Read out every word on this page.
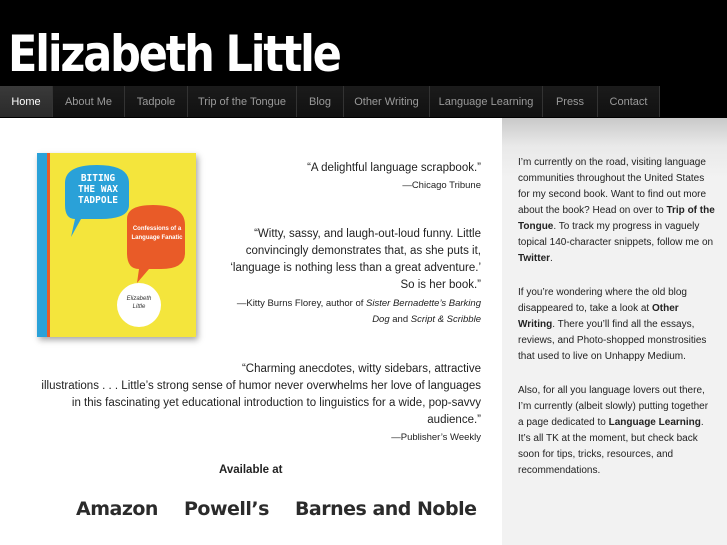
Elizabeth Little
Home	About Me	Tadpole	Trip of the Tongue	Blog	Other Writing	Language Learning	Press	Contact
BITING
THE WAX
TADPOLE
Confessions of a
Language Fanatic
Elizabeth
Little
“A delightful language scrapbook.”
—Chicago Tribune
“Witty, sassy, and laugh-out-loud funny. Little
convincingly demonstrates that, as she puts it,
‘language is nothing less than a great adventure.’
So is her book.”
—Kitty Burns Florey, author of Sister Bernadette’s Barking
Dog and Script & Scribble
“Charming anecdotes, witty sidebars, attractive
illustrations . . . Little’s strong sense of humor never overwhelms her love of languages
in this fascinating yet educational introduction to linguistics for a wide, pop-savvy
audience.”
—Publisher’s Weekly
Available at
Amazon Powell’s Barnes and Noble

I’m currently on the road, visiting language communities throughout the United States for my second book. Want to find out more about the book? Head on over to Trip of the Tongue. To track my progress in vaguely topical 140-character snippets, follow me on Twitter.

If you’re wondering where the old blog disappeared to, take a look at Other Writing. There you’ll find all the essays, reviews, and Photo-shopped monstrosities that used to live on Unhappy Medium.

Also, for all you language lovers out there, I’m currently (albeit slowly) putting together a page dedicated to Language Learning. It’s all TK at the moment, but check back soon for tips, tricks, resources, and recommendations.
